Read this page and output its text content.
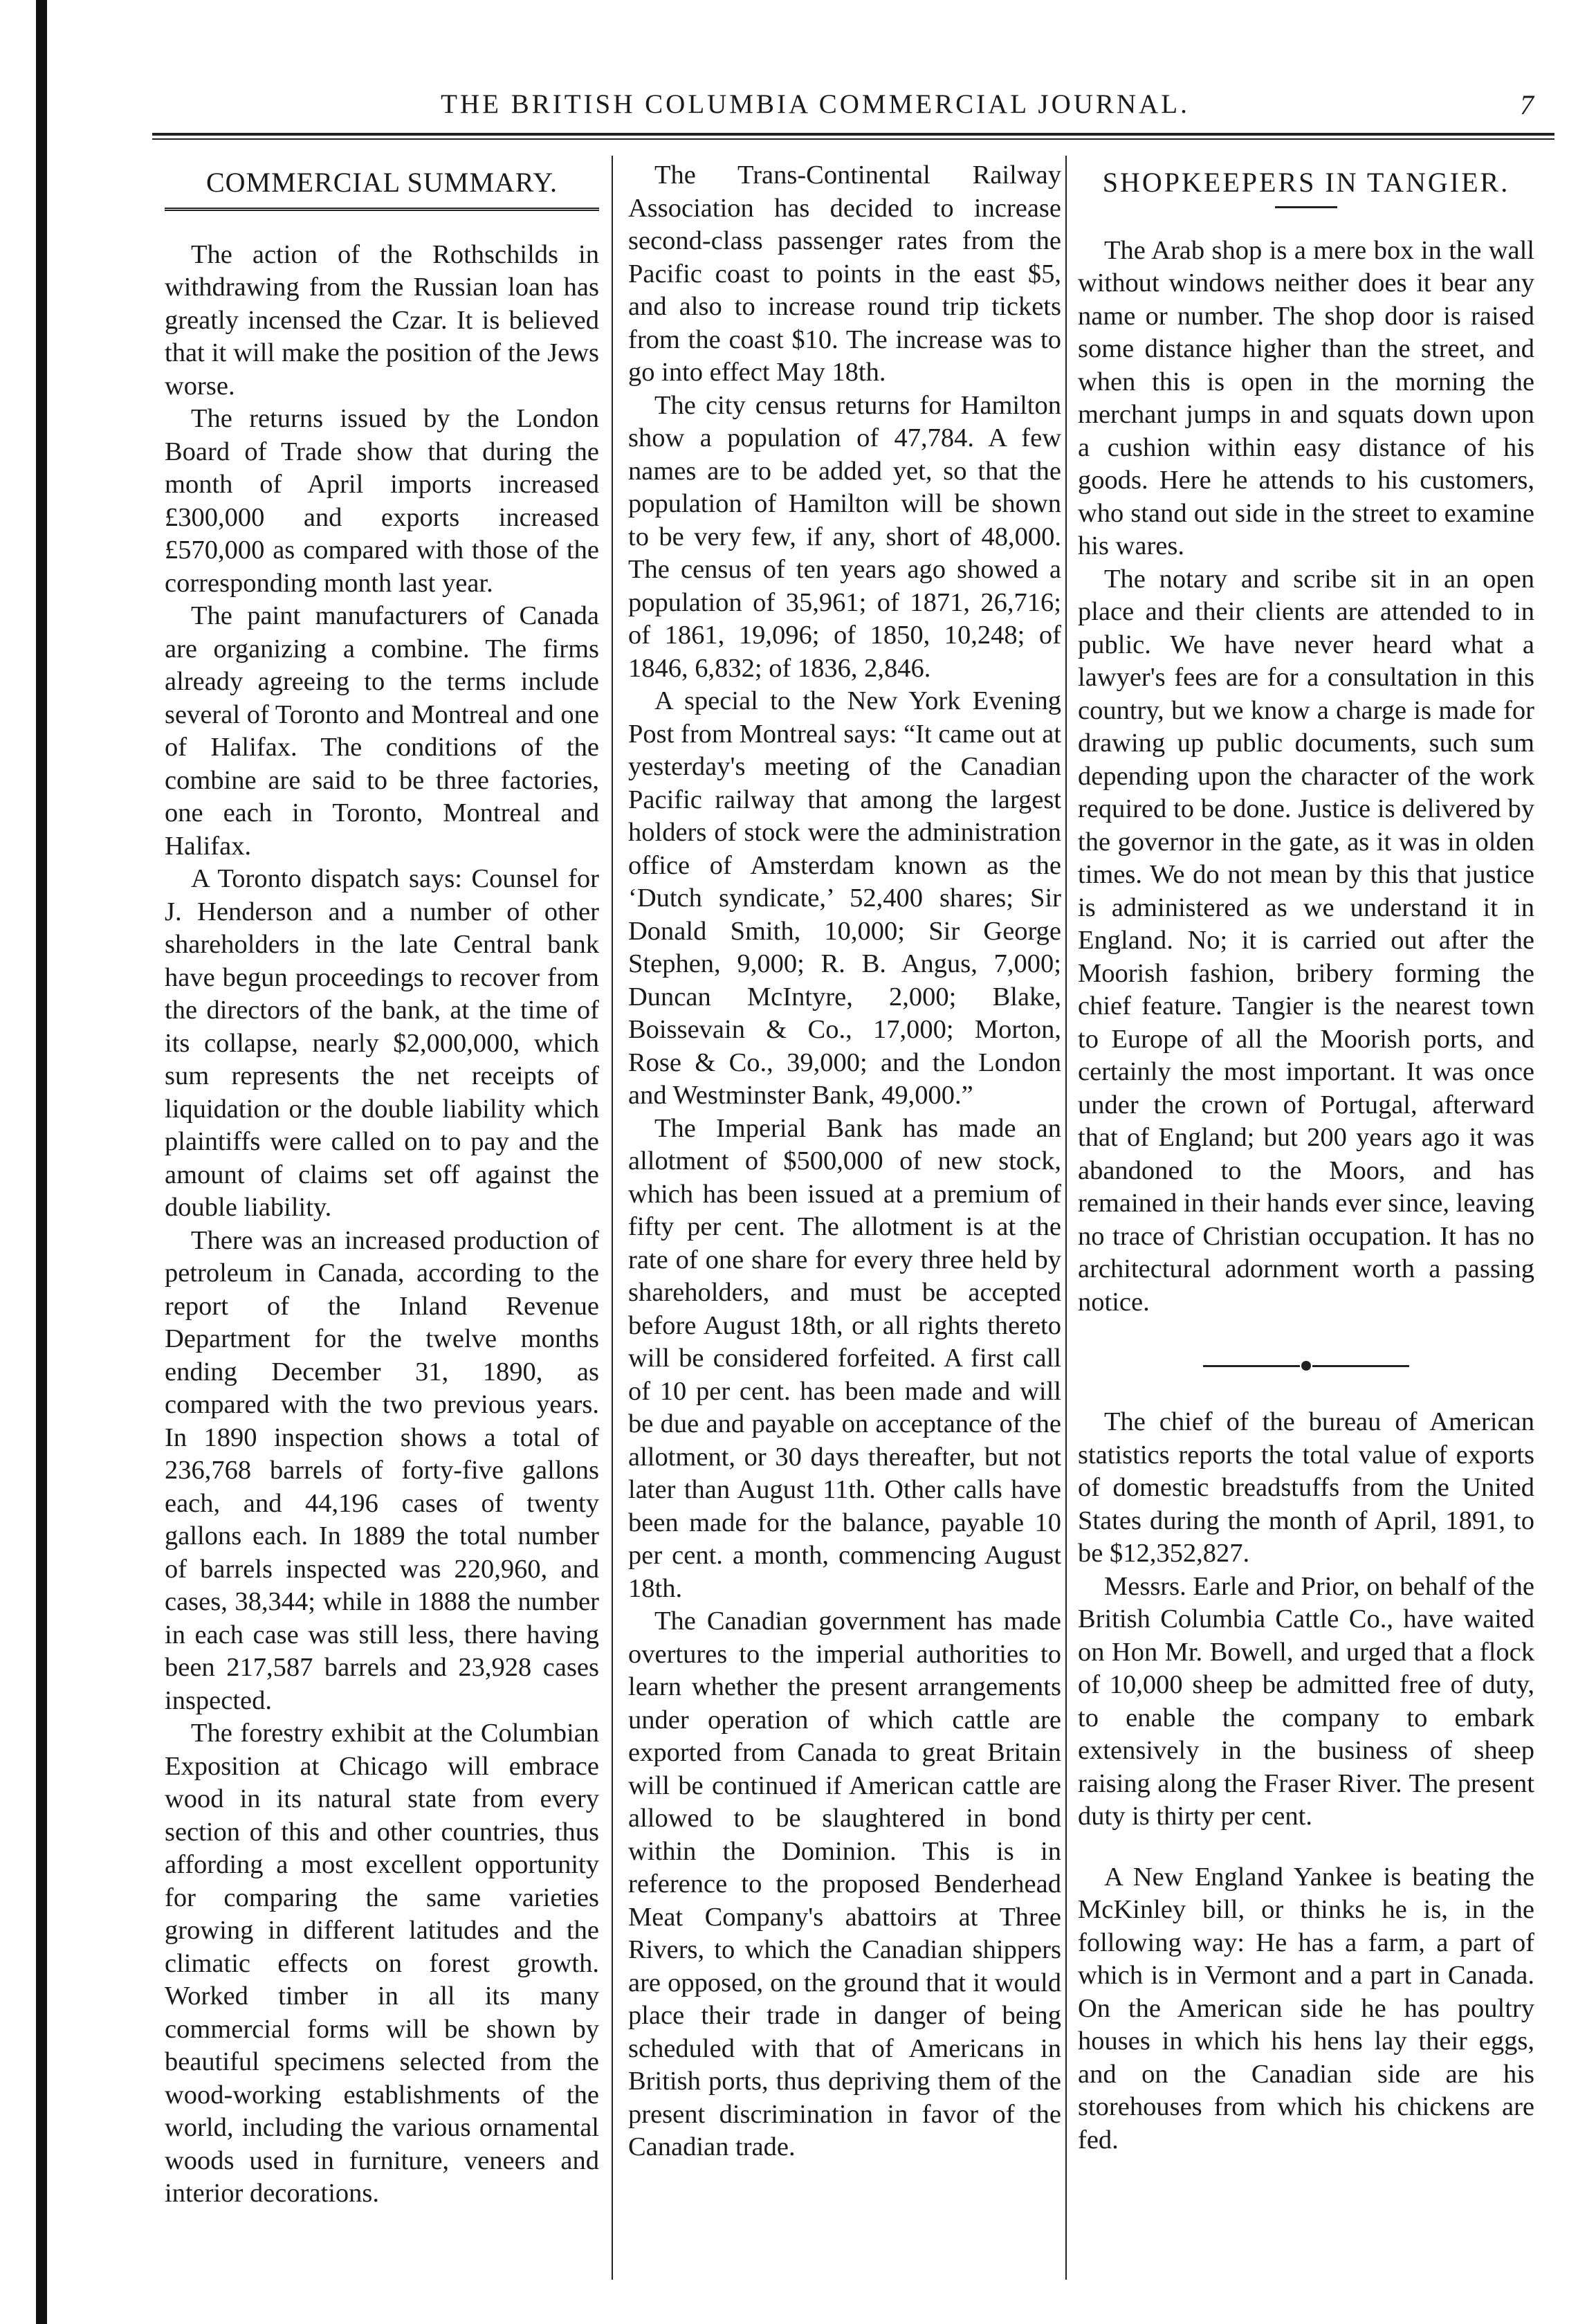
THE BRITISH COLUMBIA COMMERCIAL JOURNAL.	7
COMMERCIAL SUMMARY.

The action of the Rothschilds in withdrawing from the Russian loan has greatly incensed the Czar. It is believed that it will make the position of the Jews worse.

The returns issued by the London Board of Trade show that during the month of April imports increased £300,000 and exports increased £570,000 as compared with those of the corresponding month last year.

The paint manufacturers of Canada are organizing a combine. The firms already agreeing to the terms include several of Toronto and Montreal and one of Halifax. The conditions of the combine are said to be three factories, one each in Toronto, Montreal and Halifax.

A Toronto dispatch says: Counsel for J. Henderson and a number of other shareholders in the late Central bank have begun proceedings to recover from the directors of the bank, at the time of its collapse, nearly $2,000,000, which sum represents the net receipts of liquidation or the double liability which plaintiffs were called on to pay and the amount of claims set off against the double liability.

There was an increased production of petroleum in Canada, according to the report of the Inland Revenue Department for the twelve months ending December 31, 1890, as compared with the two previous years. In 1890 inspection shows a total of 236,768 barrels of forty-five gallons each, and 44,196 cases of twenty gallons each. In 1889 the total number of barrels inspected was 220,960, and cases, 38,344; while in 1888 the number in each case was still less, there having been 217,587 barrels and 23,928 cases inspected.

The forestry exhibit at the Columbian Exposition at Chicago will embrace wood in its natural state from every section of this and other countries, thus affording a most excellent opportunity for comparing the same varieties growing in different latitudes and the climatic effects on forest growth. Worked timber in all its many commercial forms will be shown by beautiful specimens selected from the wood-working establishments of the world, including the various ornamental woods used in furniture, veneers and interior decorations.

The Trans-Continental Railway Association has decided to increase second-class passenger rates from the Pacific coast to points in the east $5, and also to increase round trip tickets from the coast $10. The increase was to go into effect May 18th.

The city census returns for Hamilton show a population of 47,784. A few names are to be added yet, so that the population of Hamilton will be shown to be very few, if any, short of 48,000. The census of ten years ago showed a population of 35,961; of 1871, 26,716; of 1861, 19,096; of 1850, 10,248; of 1846, 6,832; of 1836, 2,846.

A special to the New York Evening Post from Montreal says: “It came out at yesterday's meeting of the Canadian Pacific railway that among the largest holders of stock were the administration office of Amsterdam known as the ‘Dutch syndicate,’ 52,400 shares; Sir Donald Smith, 10,000; Sir George Stephen, 9,000; R. B. Angus, 7,000; Duncan McIntyre, 2,000; Blake, Boissevain & Co., 17,000; Morton, Rose & Co., 39,000; and the London and Westminster Bank, 49,000.”

The Imperial Bank has made an allotment of $500,000 of new stock, which has been issued at a premium of fifty per cent. The allotment is at the rate of one share for every three held by shareholders, and must be accepted before August 18th, or all rights thereto will be considered forfeited. A first call of 10 per cent. has been made and will be due and payable on acceptance of the allotment, or 30 days thereafter, but not later than August 11th. Other calls have been made for the balance, payable 10 per cent. a month, commencing August 18th.

The Canadian government has made overtures to the imperial authorities to learn whether the present arrangements under operation of which cattle are exported from Canada to great Britain will be continued if American cattle are allowed to be slaughtered in bond within the Dominion. This is in reference to the proposed Benderhead Meat Company's abattoirs at Three Rivers, to which the Canadian shippers are opposed, on the ground that it would place their trade in danger of being scheduled with that of Americans in British ports, thus depriving them of the present discrimination in favor of the Canadian trade.

SHOPKEEPERS IN TANGIER.

The Arab shop is a mere box in the wall without windows neither does it bear any name or number. The shop door is raised some distance higher than the street, and when this is open in the morning the merchant jumps in and squats down upon a cushion within easy distance of his goods. Here he attends to his customers, who stand out side in the street to examine his wares.

The notary and scribe sit in an open place and their clients are attended to in public. We have never heard what a lawyer's fees are for a consultation in this country, but we know a charge is made for drawing up public documents, such sum depending upon the character of the work required to be done. Justice is delivered by the governor in the gate, as it was in olden times. We do not mean by this that justice is administered as we understand it in England. No; it is carried out after the Moorish fashion, bribery forming the chief feature. Tangier is the nearest town to Europe of all the Moorish ports, and certainly the most important. It was once under the crown of Portugal, afterward that of England; but 200 years ago it was abandoned to the Moors, and has remained in their hands ever since, leaving no trace of Christian occupation. It has no architectural adornment worth a passing notice.

The chief of the bureau of American statistics reports the total value of exports of domestic breadstuffs from the United States during the month of April, 1891, to be $12,352,827.

Messrs. Earle and Prior, on behalf of the British Columbia Cattle Co., have waited on Hon Mr. Bowell, and urged that a flock of 10,000 sheep be admitted free of duty, to enable the company to embark extensively in the business of sheep raising along the Fraser River. The present duty is thirty per cent.

A New England Yankee is beating the McKinley bill, or thinks he is, in the following way: He has a farm, a part of which is in Vermont and a part in Canada. On the American side he has poultry houses in which his hens lay their eggs, and on the Canadian side are his storehouses from which his chickens are fed.
